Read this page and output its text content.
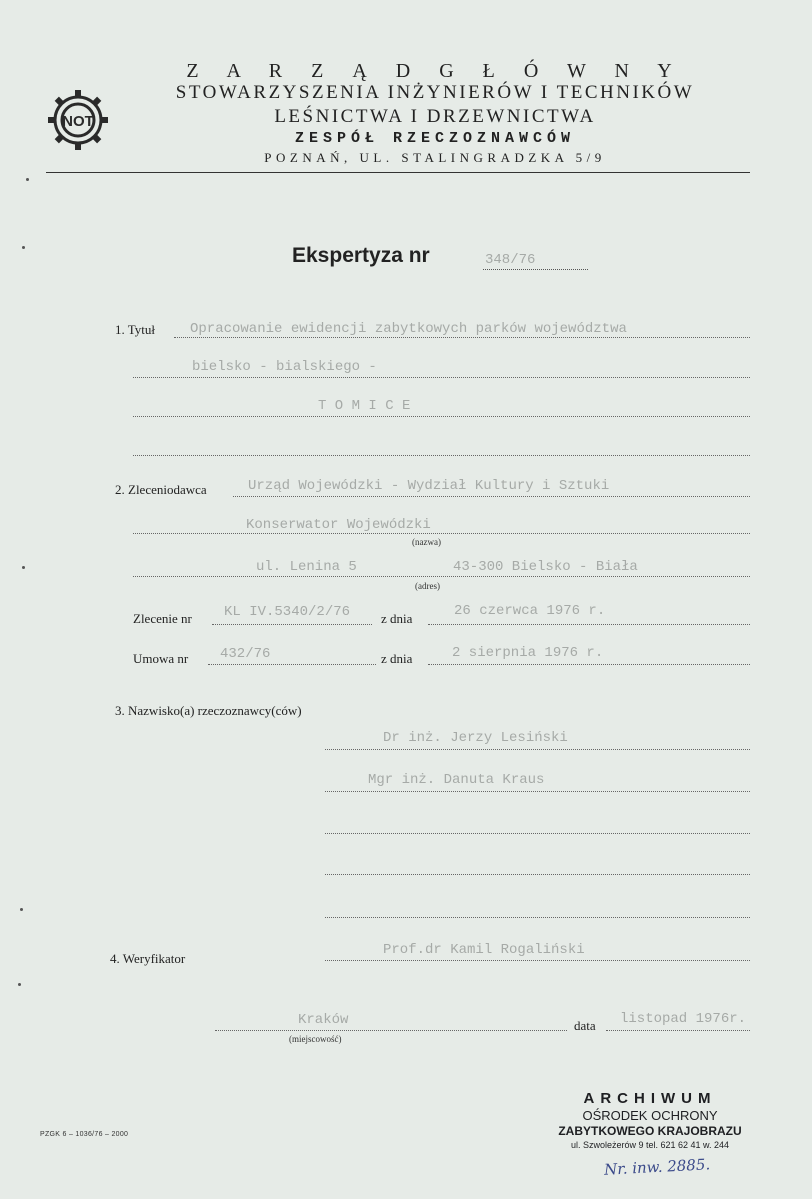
NOT
Z A R Z Ą D G Ł Ó W N Y
STOWARZYSZENIA INŻYNIERÓW I TECHNIKÓW
LEŚNICTWA I DRZEWNICTWA
ZESPÓŁ RZECZOZNAWCÓW
POZNAŃ, UL. STALINGRADZKA 5/9
Ekspertyza nr	348/76
1. Tytuł Opracowanie ewidencji zabytkowych parków województwa
bielsko - bialskiego -
T O M I C E
2. Zleceniodawca	Urząd Wojewódzki - Wydział Kultury i Sztuki
Konserwator Wojewódzki
(nazwa)
ul. Lenina 5	43-300 Bielsko - Biała
(adres)
Zlecenie nr KL IV.5340/2/76 z dnia	26 czerwca 1976 r.
Umowa nr 432/76	z dnia	2 sierpnia 1976 r.
3. Nazwisko(a) rzeczoznawcy(ców)
Dr inż. Jerzy Lesiński
Mgr inż. Danuta Kraus
4. Weryfikator
Prof.dr Kamil Rogaliński
Kraków
(miejscowość)
data listopad 1976r.
PZGK 6 – 1036/76 – 2000
ARCHIWUM
OŚRODEK OCHRONY
ZABYTKOWEGO KRAJOBRAZU
ul. Szwoleżerów 9 tel. 621 62 41 w. 244
Nr. inw. 2885.
